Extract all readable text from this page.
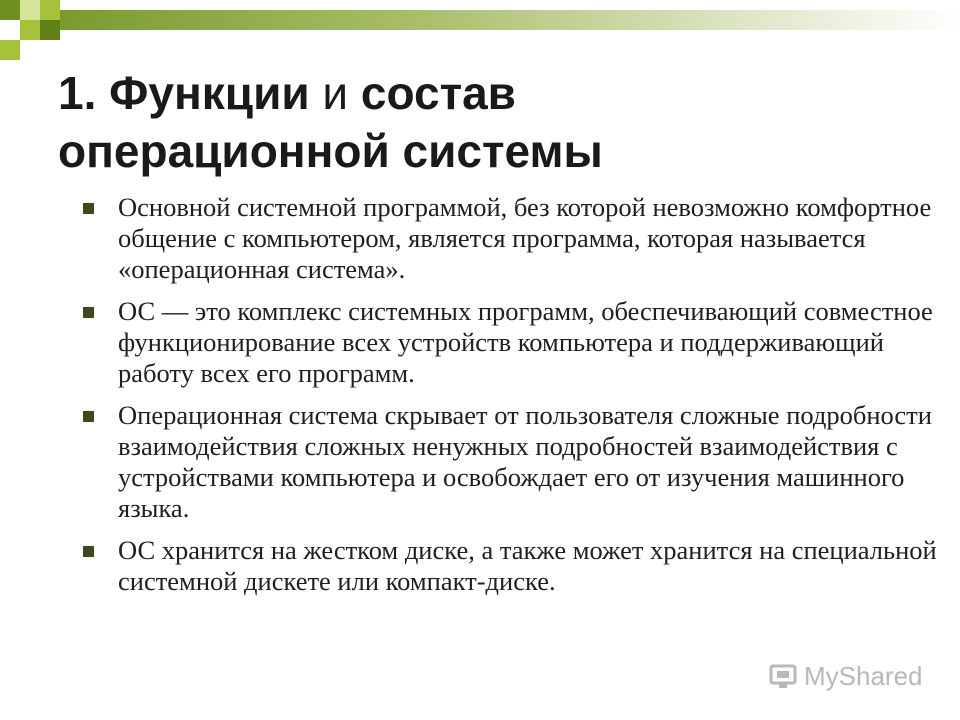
1. Функции и состав
операционной системы
Основной системной программой, без которой невозможно комфортное общение с компьютером, является программа, которая называется «операционная система».
ОС — это комплекс системных программ, обеспечивающий совместное функционирование всех устройств компьютера и поддерживающий работу всех его программ.
Операционная система скрывает от пользователя сложные подробности взаимодействия сложных ненужных подробностей взаимодействия с устройствами компьютера и освобождает его от изучения машинного языка.
ОС хранится на жестком диске, а также может хранится на специальной системной дискете или компакт-диске.
MyShared
